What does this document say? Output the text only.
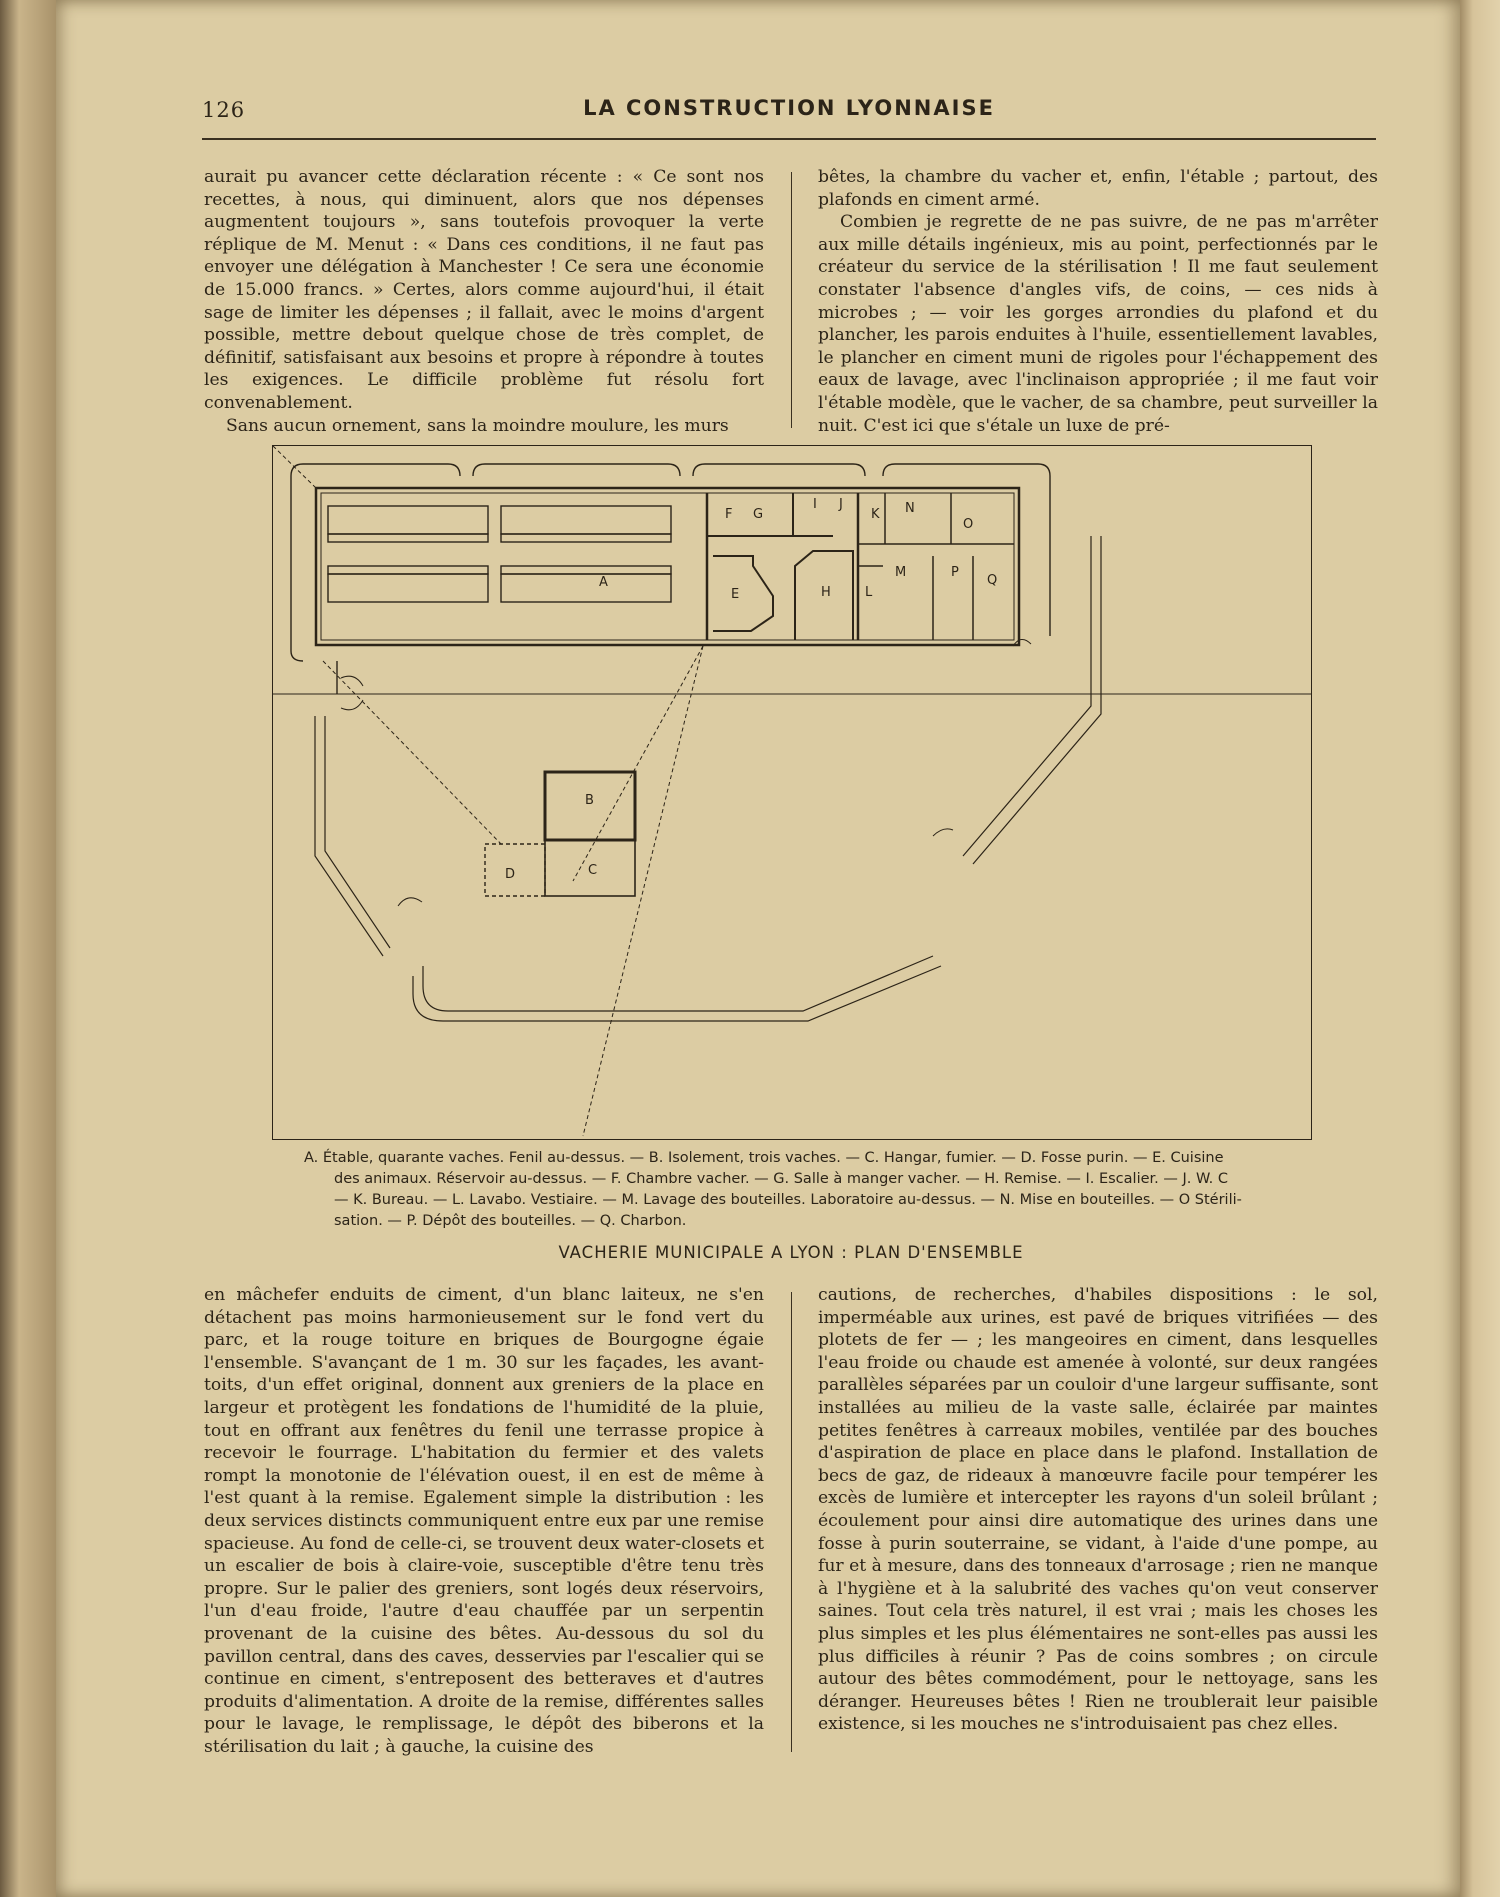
LA CONSTRUCTION LYONNAISE
126

aurait pu avancer cette déclaration récente : « Ce sont nos recettes, à nous, qui diminuent, alors que nos dépenses augmentent toujours », sans toutefois provoquer la verte réplique de M. Menut : « Dans ces conditions, il ne faut pas envoyer une délégation à Manchester ! Ce sera une économie de 15.000 francs. » Certes, alors comme aujourd'hui, il était sage de limiter les dépenses ; il fallait, avec le moins d'argent possible, mettre debout quelque chose de très complet, de définitif, satisfaisant aux besoins et propre à répondre à toutes les exigences. Le difficile problème fut résolu fort convenablement.

Sans aucun ornement, sans la moindre moulure, les murs

bêtes, la chambre du vacher et, enfin, l'étable ; partout, des plafonds en ciment armé.

Combien je regrette de ne pas suivre, de ne pas m'arrêter aux mille détails ingénieux, mis au point, perfectionnés par le créateur du service de la stérilisation ! Il me faut seulement constater l'absence d'angles vifs, de coins, — ces nids à microbes ; — voir les gorges arrondies du plafond et du plancher, les parois enduites à l'huile, essentiellement lavables, le plancher en ciment muni de rigoles pour l'échappement des eaux de lavage, avec l'inclinaison appropriée ; il me faut voir l'étable modèle, que le vacher, de sa chambre, peut surveiller la nuit. C'est ici que s'étale un luxe de pré-

A
B
C
D
E
F G
H
I J
K
L
M
N
O
P
Q
A. Étable, quarante vaches. Fenil au-dessus. — B. Isolement, trois vaches. — C. Hangar, fumier. — D. Fosse purin. — E. Cuisine
des animaux. Réservoir au-dessus. — F. Chambre vacher. — G. Salle à manger vacher. — H. Remise. — I. Escalier. — J. W. C
— K. Bureau. — L. Lavabo. Vestiaire. — M. Lavage des bouteilles. Laboratoire au-dessus. — N. Mise en bouteilles. — O Stérili-
sation. — P. Dépôt des bouteilles. — Q. Charbon.
VACHERIE MUNICIPALE A LYON : PLAN D'ENSEMBLE

en mâchefer enduits de ciment, d'un blanc laiteux, ne s'en détachent pas moins harmonieusement sur le fond vert du parc, et la rouge toiture en briques de Bourgogne égaie l'ensemble. S'avançant de 1 m. 30 sur les façades, les avant-toits, d'un effet original, donnent aux greniers de la place en largeur et protègent les fondations de l'humidité de la pluie, tout en offrant aux fenêtres du fenil une terrasse propice à recevoir le fourrage. L'habitation du fermier et des valets rompt la monotonie de l'élévation ouest, il en est de même à l'est quant à la remise. Egalement simple la distribution : les deux services distincts communiquent entre eux par une remise spacieuse. Au fond de celle-ci, se trouvent deux water-closets et un escalier de bois à claire-voie, susceptible d'être tenu très propre. Sur le palier des greniers, sont logés deux réservoirs, l'un d'eau froide, l'autre d'eau chauffée par un serpentin provenant de la cuisine des bêtes. Au-dessous du sol du pavillon central, dans des caves, desservies par l'escalier qui se continue en ciment, s'entreposent des betteraves et d'autres produits d'alimentation. A droite de la remise, différentes salles pour le lavage, le remplissage, le dépôt des biberons et la stérilisation du lait ; à gauche, la cuisine des

cautions, de recherches, d'habiles dispositions : le sol, imperméable aux urines, est pavé de briques vitrifiées — des plotets de fer — ; les mangeoires en ciment, dans lesquelles l'eau froide ou chaude est amenée à volonté, sur deux rangées parallèles séparées par un couloir d'une largeur suffisante, sont installées au milieu de la vaste salle, éclairée par maintes petites fenêtres à carreaux mobiles, ventilée par des bouches d'aspiration de place en place dans le plafond. Installation de becs de gaz, de rideaux à manœuvre facile pour tempérer les excès de lumière et intercepter les rayons d'un soleil brûlant ; écoulement pour ainsi dire automatique des urines dans une fosse à purin souterraine, se vidant, à l'aide d'une pompe, au fur et à mesure, dans des tonneaux d'arrosage ; rien ne manque à l'hygiène et à la salubrité des vaches qu'on veut conserver saines. Tout cela très naturel, il est vrai ; mais les choses les plus simples et les plus élémentaires ne sont-elles pas aussi les plus difficiles à réunir ? Pas de coins sombres ; on circule autour des bêtes commodément, pour le nettoyage, sans les déranger. Heureuses bêtes ! Rien ne troublerait leur paisible existence, si les mouches ne s'introduisaient pas chez elles.
